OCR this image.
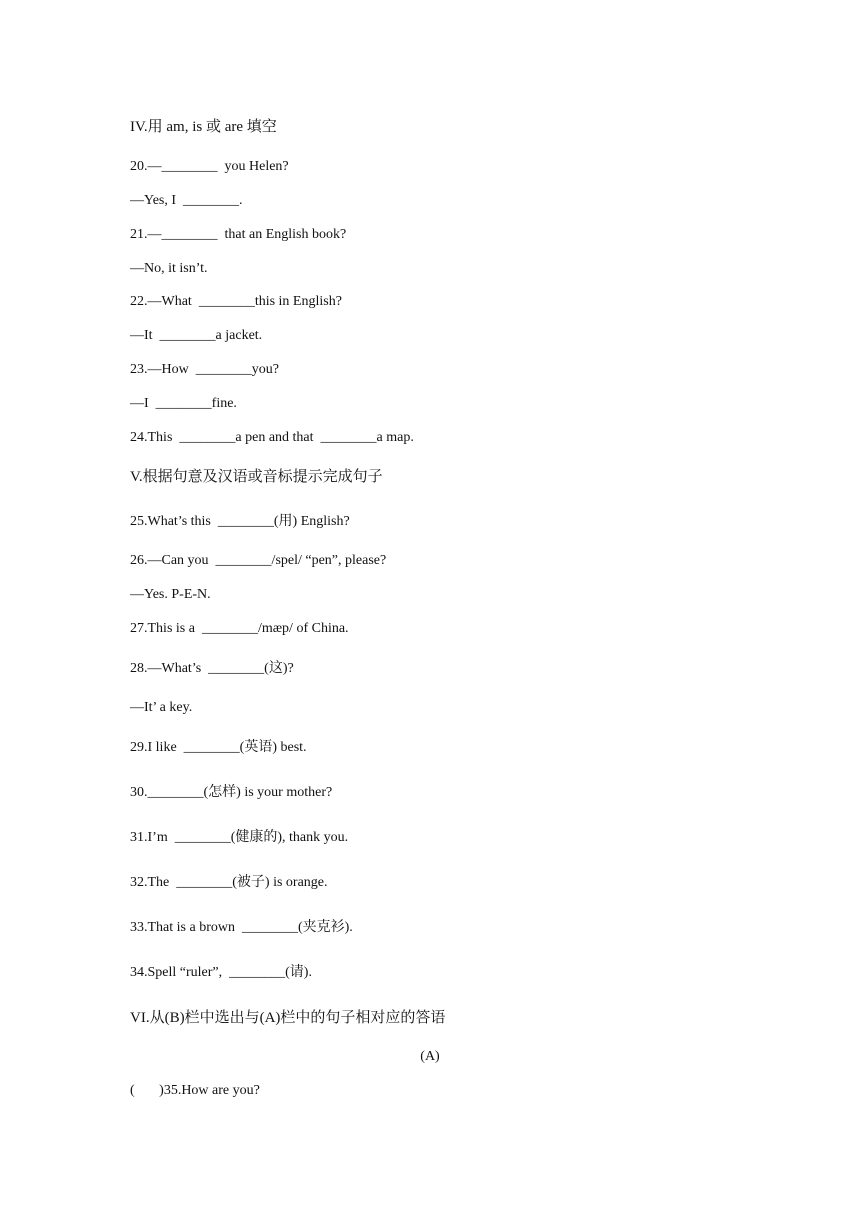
IV.用 am, is 或 are 填空
20.—________  you Helen?
—Yes, I  ________.
21.—________  that an English book?
—No, it isn’t.
22.—What  ________this in English?
—It  ________a jacket.
23.—How  ________you?
—I  ________fine.
24.This  ________a pen and that  ________a map.
V.根据句意及汉语或音标提示完成句子
25.What’s this  ________(用) English?
26.—Can you  ________/spel/ “pen”, please?
—Yes. P-E-N.
27.This is a  ________/mæp/ of China.
28.—What’s  ________(这)?
—It’ a key.
29.I like  ________(英语) best.
30.________(怎样) is your mother?
31.I’m  ________(健康的), thank you.
32.The  ________(被子) is orange.
33.That is a brown  ________(夹克衫).
34.Spell “ruler”,  ________(请).
VI.从(B)栏中选出与(A)栏中的句子相对应的答语
(A)
(       )35.How are you?
